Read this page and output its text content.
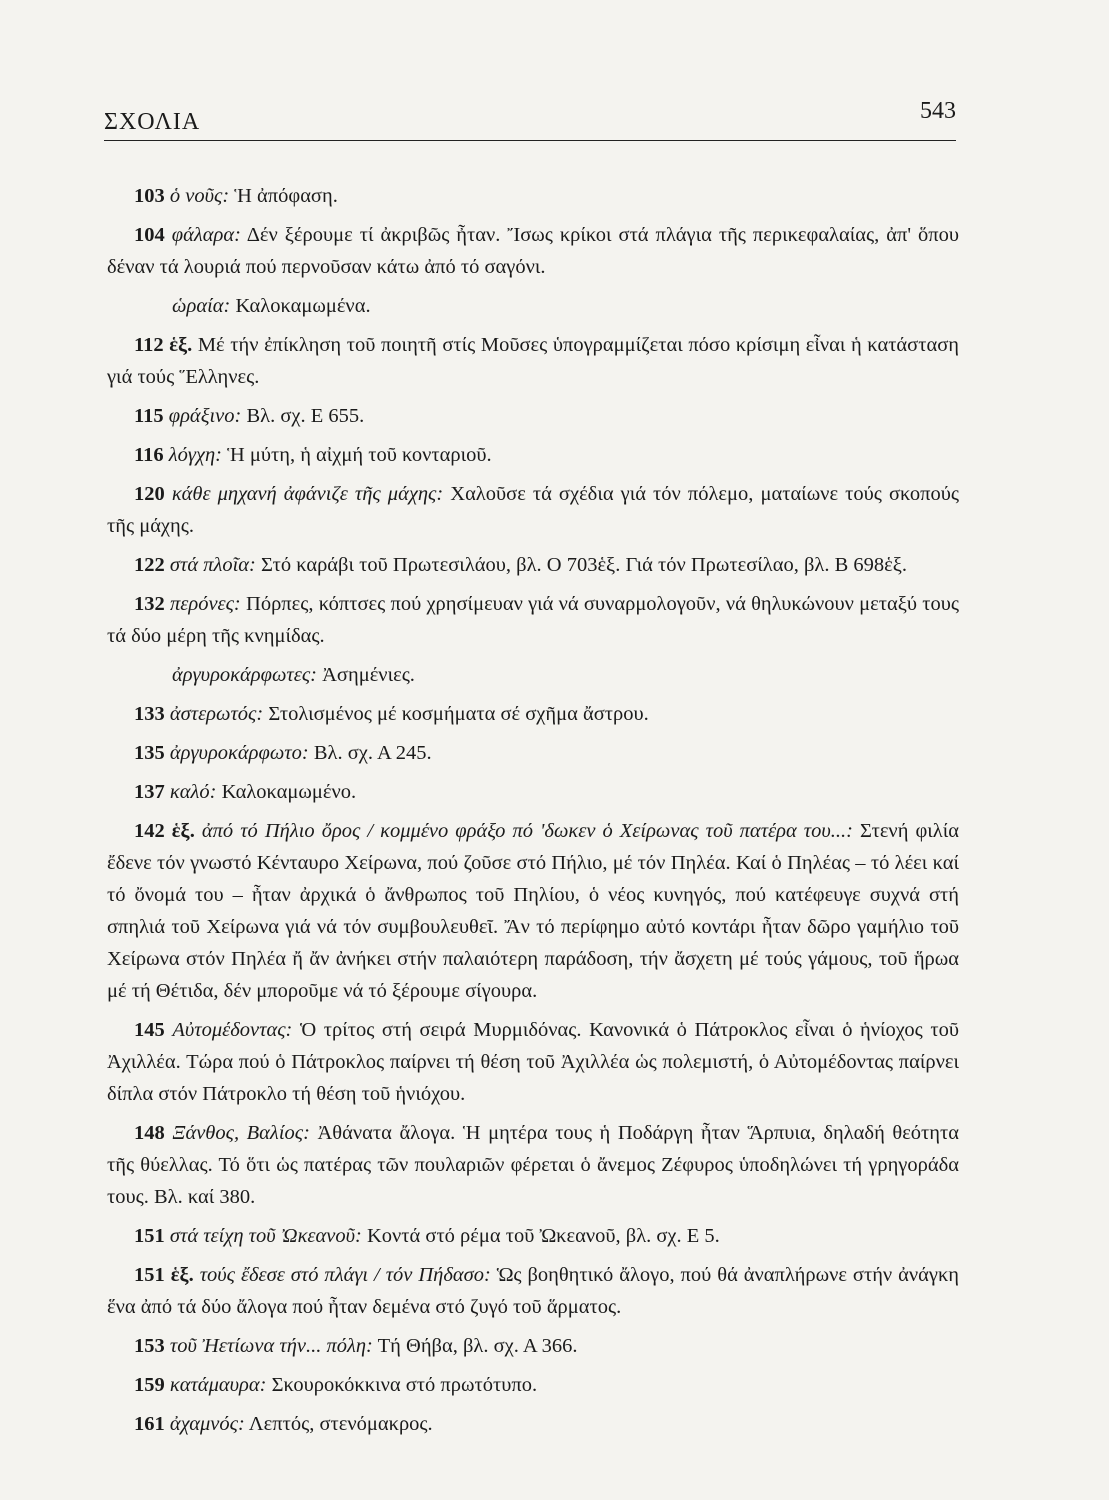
ΣΧΟΛΙΑ	543

103 ὁ νοῦς: Ἡ ἀπόφαση.

104 φάλαρα: Δέν ξέρουμε τί ἀκριβῶς ἦταν. Ἴσως κρίκοι στά πλάγια τῆς περικεφαλαίας, ἀπ' ὅπου δέναν τά λουριά πού περνοῦσαν κάτω ἀπό τό σαγόνι.

ὡραία: Καλοκαμωμένα.

112 ἑξ. Μέ τήν ἐπίκληση τοῦ ποιητῆ στίς Μοῦσες ὑπογραμμίζεται πόσο κρίσιμη εἶναι ἡ κατάσταση γιά τούς Ἕλληνες.

115 φράξινο: Βλ. σχ. Ε 655.

116 λόγχη: Ἡ μύτη, ἡ αἰχμή τοῦ κονταριοῦ.

120 κάθε μηχανή ἀφάνιζε τῆς μάχης: Χαλοῦσε τά σχέδια γιά τόν πόλεμο, ματαίωνε τούς σκοπούς τῆς μάχης.

122 στά πλοῖα: Στό καράβι τοῦ Πρωτεσιλάου, βλ. Ο 703ἑξ. Γιά τόν Πρωτεσίλαο, βλ. Β 698ἑξ.

132 περόνες: Πόρπες, κόπτσες πού χρησίμευαν γιά νά συναρμολογοῦν, νά θηλυκώνουν μεταξύ τους τά δύο μέρη τῆς κνημίδας.

ἀργυροκάρφωτες: Ἀσημένιες.

133 ἀστερωτός: Στολισμένος μέ κοσμήματα σέ σχῆμα ἄστρου.

135 ἀργυροκάρφωτο: Βλ. σχ. Α 245.

137 καλό: Καλοκαμωμένο.

142 ἑξ. ἀπό τό Πήλιο ὄρος / κομμένο φράξο πό 'δωκεν ὁ Χείρωνας τοῦ πατέρα του...: Στενή φιλία ἔδενε τόν γνωστό Κένταυρο Χείρωνα, πού ζοῦσε στό Πήλιο, μέ τόν Πηλέα. Καί ὁ Πηλέας – τό λέει καί τό ὄνομά του – ἦταν ἀρχικά ὁ ἄνθρωπος τοῦ Πηλίου, ὁ νέος κυνηγός, πού κατέφευγε συχνά στή σπηλιά τοῦ Χείρωνα γιά νά τόν συμβουλευθεῖ. Ἄν τό περίφημο αὐτό κοντάρι ἦταν δῶρο γαμήλιο τοῦ Χείρωνα στόν Πηλέα ἤ ἄν ἀνήκει στήν παλαιότερη παράδοση, τήν ἄσχετη μέ τούς γάμους, τοῦ ἥρωα μέ τή Θέτιδα, δέν μποροῦμε νά τό ξέρουμε σίγουρα.

145 Αὐτομέδοντας: Ὁ τρίτος στή σειρά Μυρμιδόνας. Κανονικά ὁ Πάτροκλος εἶναι ὁ ἡνίοχος τοῦ Ἀχιλλέα. Τώρα πού ὁ Πάτροκλος παίρνει τή θέση τοῦ Ἀχιλλέα ὡς πολεμιστή, ὁ Αὐτομέδοντας παίρνει δίπλα στόν Πάτροκλο τή θέση τοῦ ἡνιόχου.

148 Ξάνθος, Βαλίος: Ἀθάνατα ἄλογα. Ἡ μητέρα τους ἡ Ποδάργη ἦταν Ἅρπυια, δηλαδή θεότητα τῆς θύελλας. Τό ὅτι ὡς πατέρας τῶν πουλαριῶν φέρεται ὁ ἄνεμος Ζέφυρος ὑποδηλώνει τή γρηγοράδα τους. Βλ. καί 380.

151 στά τείχη τοῦ Ὠκεανοῦ: Κοντά στό ρέμα τοῦ Ὠκεανοῦ, βλ. σχ. Ε 5.

151 ἑξ. τούς ἔδεσε στό πλάγι / τόν Πήδασο: Ὡς βοηθητικό ἄλογο, πού θά ἀναπλήρωνε στήν ἀνάγκη ἕνα ἀπό τά δύο ἄλογα πού ἦταν δεμένα στό ζυγό τοῦ ἅρματος.

153 τοῦ Ἠετίωνα τήν... πόλη: Τή Θήβα, βλ. σχ. Α 366.

159 κατάμαυρα: Σκουροκόκκινα στό πρωτότυπο.

161 ἀχαμνός: Λεπτός, στενόμακρος.
